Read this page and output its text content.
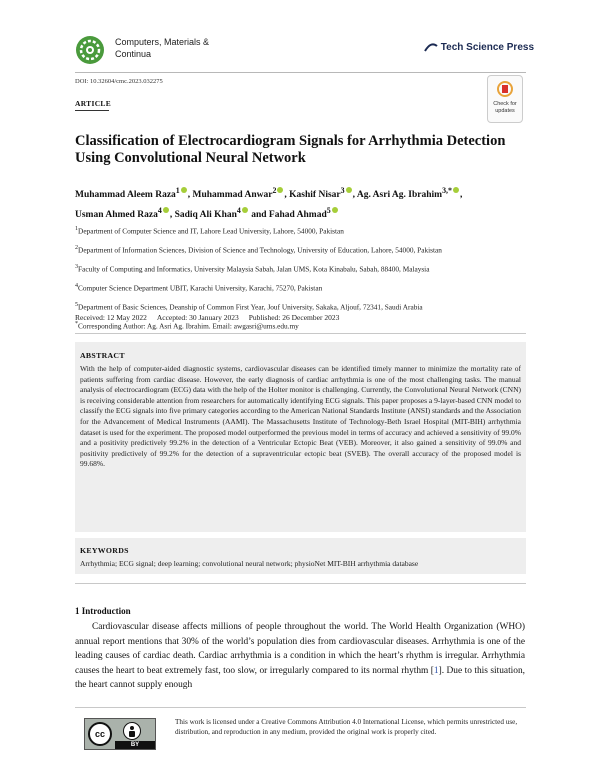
Computers, Materials &
Continua
Tech Science Press
DOI: 10.32604/cmc.2023.032275
ARTICLE	Check for
updates
Classification of Electrocardiogram Signals for Arrhythmia Detection Using Convolutional Neural Network
Muhammad Aleem Raza$^1$ , Muhammad Anwar$^2$ , Kashif Nisar$^3$ , Ag. Asri Ag. Ibrahim$^{3,*}$ ,
Usman Ahmed Raza$^4$ , Sadiq Ali Khan$^4$ and Fahad Ahmad$^5$

$^1$Department of Computer Science and IT, Lahore Lead University, Lahore, 54000, Pakistan

$^2$Department of Information Sciences, Division of Science and Technology, University of Education, Lahore, 54000, Pakistan

$^3$Faculty of Computing and Informatics, University Malaysia Sabah, Jalan UMS, Kota Kinabalu, Sabah, 88400, Malaysia

$^4$Computer Science Department UBIT, Karachi University, Karachi, 75270, Pakistan

$^5$Department of Basic Sciences, Deanship of Common First Year, Jouf University, Sakaka, Aljouf, 72341, Saudi Arabia

*Corresponding Author: Ag. Asri Ag. Ibrahim. Email: awgasri@ums.edu.my

Received: 12 May 2022 Accepted: 30 January 2023 Published: 26 December 2023
ABSTRACT
With the help of computer-aided diagnostic systems, cardiovascular diseases can be identified timely manner to minimize the mortality rate of patients suffering from cardiac disease. However, the early diagnosis of cardiac arrhythmia is one of the most challenging tasks. The manual analysis of electrocardiogram (ECG) data with the help of the Holter monitor is challenging. Currently, the Convolutional Neural Network (CNN) is receiving considerable attention from researchers for automatically identifying ECG signals. This paper proposes a 9-layer-based CNN model to classify the ECG signals into five primary categories according to the American National Standards Institute (ANSI) standards and the Association for the Advancement of Medical Instruments (AAMI). The Massachusetts Institute of Technology-Beth Israel Hospital (MIT-BIH) arrhythmia dataset is used for the experiment. The proposed model outperformed the previous model in terms of accuracy and achieved a sensitivity of 99.0% and a positivity predictively 99.2% in the detection of a Ventricular Ectopic Beat (VEB). Moreover, it also gained a sensitivity of 99.0% and positivity predictively of 99.2% for the detection of a supraventricular ectopic beat (SVEB). The overall accuracy of the proposed model is 99.68%.
KEYWORDS
Arrhythmia; ECG signal; deep learning; convolutional neural network; physioNet MIT-BIH arrhythmia database
1 Introduction
Cardiovascular disease affects millions of people throughout the world. The World Health Organization (WHO) annual report mentions that 30% of the world’s population dies from cardiovascular diseases. Arrhythmia is one of the leading causes of cardiac death. Cardiac arrhythmia is a condition in which the heart’s rhythm is irregular. Arrhythmia causes the heart to beat extremely fast, too slow, or irregularly compared to its normal rhythm [1]. Due to this situation, the heart cannot supply enough
cc
BY
This work is licensed under a Creative Commons Attribution 4.0 International License, which permits unrestricted use, distribution, and reproduction in any medium, provided the original work is properly cited.
